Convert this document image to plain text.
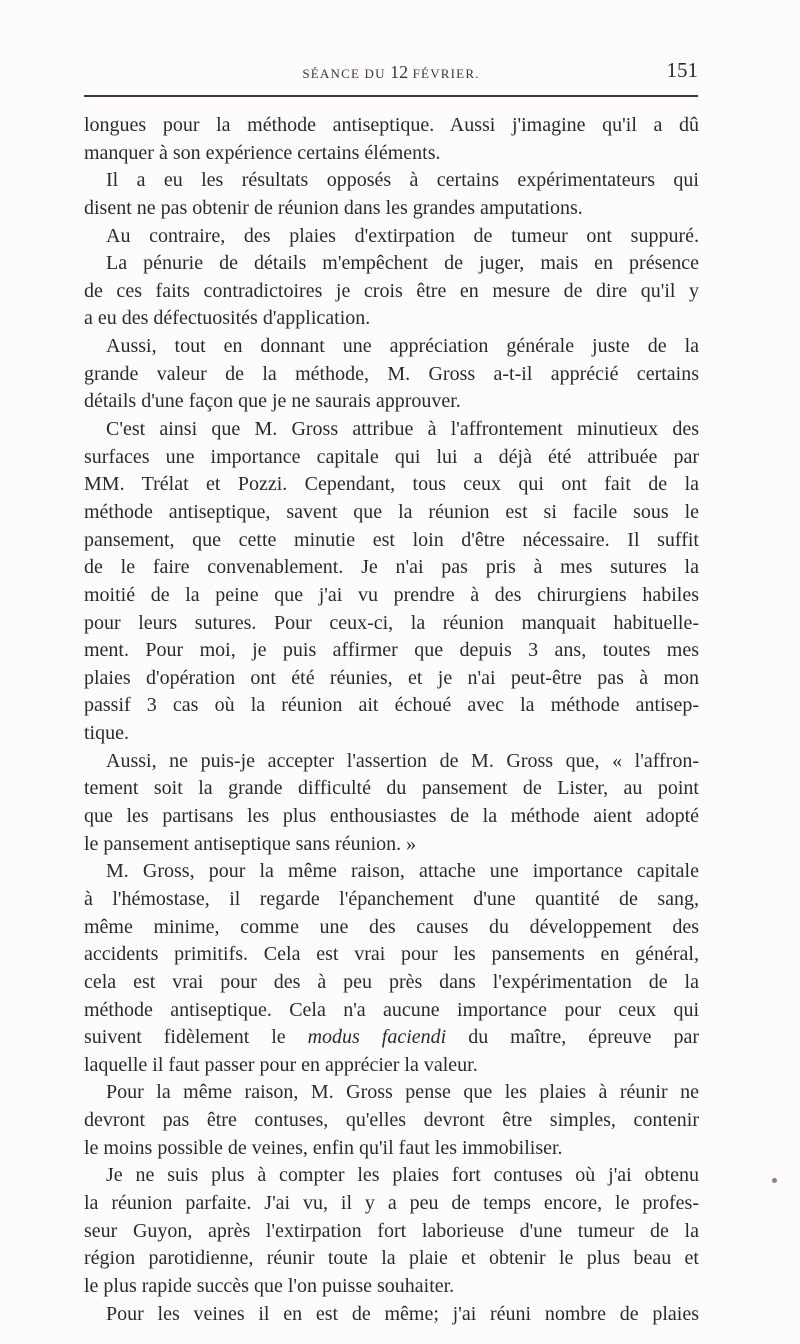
SÉANCE DU 12 FÉVRIER.	151
longues pour la méthode antiseptique. Aussi j'imagine qu'il a dû
manquer à son expérience certains éléments.
Il a eu les résultats opposés à certains expérimentateurs qui
disent ne pas obtenir de réunion dans les grandes amputations.
Au contraire, des plaies d'extirpation de tumeur ont suppuré.
La pénurie de détails m'empêchent de juger, mais en présence
de ces faits contradictoires je crois être en mesure de dire qu'il y
a eu des défectuosités d'application.
Aussi, tout en donnant une appréciation générale juste de la
grande valeur de la méthode, M. Gross a-t-il apprécié certains
détails d'une façon que je ne saurais approuver.
C'est ainsi que M. Gross attribue à l'affrontement minutieux des
surfaces une importance capitale qui lui a déjà été attribuée par
MM. Trélat et Pozzi. Cependant, tous ceux qui ont fait de la
méthode antiseptique, savent que la réunion est si facile sous le
pansement, que cette minutie est loin d'être nécessaire. Il suffit
de le faire convenablement. Je n'ai pas pris à mes sutures la
moitié de la peine que j'ai vu prendre à des chirurgiens habiles
pour leurs sutures. Pour ceux-ci, la réunion manquait habituelle-
ment. Pour moi, je puis affirmer que depuis 3 ans, toutes mes
plaies d'opération ont été réunies, et je n'ai peut-être pas à mon
passif 3 cas où la réunion ait échoué avec la méthode antisep-
tique.
Aussi, ne puis-je accepter l'assertion de M. Gross que, « l'affron-
tement soit la grande difficulté du pansement de Lister, au point
que les partisans les plus enthousiastes de la méthode aient adopté
le pansement antiseptique sans réunion. »
M. Gross, pour la même raison, attache une importance capitale
à l'hémostase, il regarde l'épanchement d'une quantité de sang,
même minime, comme une des causes du développement des
accidents primitifs. Cela est vrai pour les pansements en général,
cela est vrai pour des à peu près dans l'expérimentation de la
méthode antiseptique. Cela n'a aucune importance pour ceux qui
suivent fidèlement le modus faciendi du maître, épreuve par
laquelle il faut passer pour en apprécier la valeur.
Pour la même raison, M. Gross pense que les plaies à réunir ne
devront pas être contuses, qu'elles devront être simples, contenir
le moins possible de veines, enfin qu'il faut les immobiliser.
Je ne suis plus à compter les plaies fort contuses où j'ai obtenu
la réunion parfaite. J'ai vu, il y a peu de temps encore, le profes-
seur Guyon, après l'extirpation fort laborieuse d'une tumeur de la
région parotidienne, réunir toute la plaie et obtenir le plus beau et
le plus rapide succès que l'on puisse souhaiter.
Pour les veines il en est de même; j'ai réuni nombre de plaies
